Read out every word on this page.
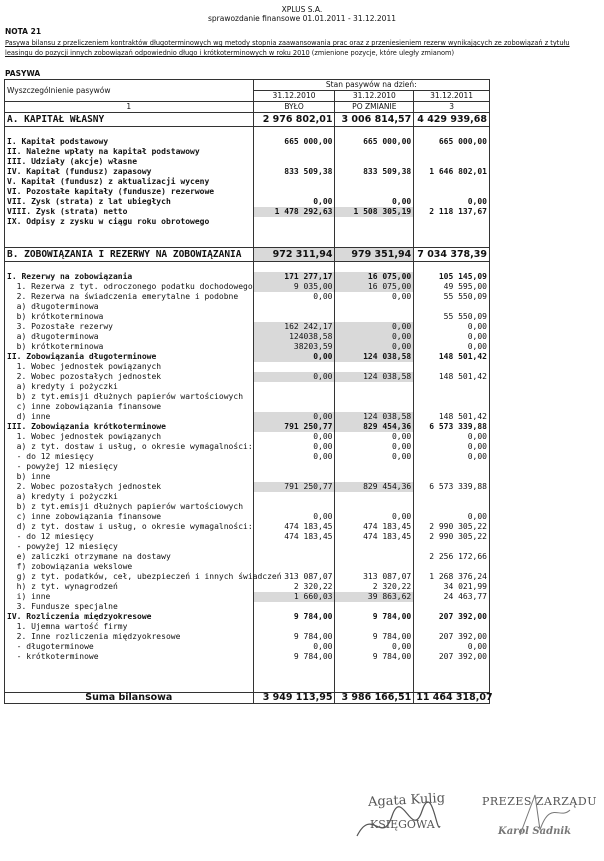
XPLUS S.A.
sprawozdanie finansowe 01.01.2011 - 31.12.2011
NOTA 21
Pasywa bilansu z przeliczeniem kontraktów długoterminowych wg metody stopnia zaawansowania prac oraz z przeniesieniem rezerw wynikających ze zobowiązań z tytułu
leasingu do pozycji innych zobowiązań odpowiednio długo i krótkoterminowych w roku 2010 (zmienione pozycje, które uległy zmianom)
PASYWA
Wyszczególnienie pasywów	Stan pasywów na dzień:		
	31.12.2010	31.12.2010	31.12.2011
1	BYŁO	PO ZMIANIE	3
A. KAPITAŁ WŁASNY	2 976 802,01	3 006 814,57	4 429 939,68

I. Kapitał podstawowy	665 000,00	665 000,00	665 000,00
II. Należne wpłaty na kapitał podstawowy			
III. Udziały (akcje) własne			
IV. Kapitał (fundusz) zapasowy	833 509,38	833 509,38	1 646 802,01
V. Kapitał (fundusz) z aktualizacji wyceny			
VI. Pozostałe kapitały (fundusze) rezerwowe			
VII. Zysk (strata) z lat ubiegłych	0,00	0,00	0,00
VIII. Zysk (strata) netto	1 478 292,63	1 508 305,19	2 118 137,67
IX. Odpisy z zysku w ciągu roku obrotowego			

B. ZOBOWIĄZANIA I REZERWY NA ZOBOWIĄZANIA	972 311,94	979 351,94	7 034 378,39

I. Rezerwy na zobowiązania	171 277,17	16 075,00	105 145,09
1. Rezerwa z tyt. odroczonego podatku dochodowego	9 035,00	16 075,00	49 595,00
2. Rezerwa na świadczenia emerytalne i podobne	0,00	0,00	55 550,09
a) długoterminowa			
b) krótkoterminowa			55 550,09
3. Pozostałe rezerwy	162 242,17	0,00	0,00
a) długoterminowa	124038,58	0,00	0,00
b) krótkoterminowa	38203,59	0,00	0,00
II. Zobowiązania długoterminowe	0,00	124 038,58	148 501,42
1. Wobec jednostek powiązanych			
2. Wobec pozostałych jednostek	0,00	124 038,58	148 501,42
a) kredyty i pożyczki			
b) z tyt.emisji dłużnych papierów wartościowych			
c) inne zobowiązania finansowe			
d) inne	0,00	124 038,58	148 501,42
III. Zobowiązania krótkoterminowe	791 250,77	829 454,36	6 573 339,88
1. Wobec jednostek powiązanych	0,00	0,00	0,00
a) z tyt. dostaw i usług, o okresie wymagalności:	0,00	0,00	0,00
- do 12 miesięcy	0,00	0,00	0,00
- powyżej 12 miesięcy			
b) inne			
2. Wobec pozostałych jednostek	791 250,77	829 454,36	6 573 339,88
a) kredyty i pożyczki			
b) z tyt.emisji dłużnych papierów wartościowych			
c) inne zobowiązania finansowe	0,00	0,00	0,00
d) z tyt. dostaw i usług, o okresie wymagalności:	474 183,45	474 183,45	2 990 305,22
- do 12 miesięcy	474 183,45	474 183,45	2 990 305,22
- powyżej 12 miesięcy			
e) zaliczki otrzymane na dostawy			2 256 172,66
f) zobowiązania wekslowe			
g) z tyt. podatków, ceł, ubezpieczeń i innych świadczeń	313 087,07	313 087,07	1 268 376,24
h) z tyt. wynagrodzeń	2 320,22	2 320,22	34 021,99
i) inne	1 660,03	39 863,62	24 463,77
3. Fundusze specjalne			
IV. Rozliczenia międzyokresowe	9 784,00	9 784,00	207 392,00
1. Ujemna wartość firmy			
2. Inne rozliczenia międzyokresowe	9 784,00	9 784,00	207 392,00
- długoterminowe	0,00	0,00	0,00
- krótkoterminowe	9 784,00	9 784,00	207 392,00

Suma bilansowa	3 949 113,95	3 986 166,51	11 464 318,07
Agata Kulig
KSIĘGOWA
PREZES ZARZĄDU
Karol Sadnik
